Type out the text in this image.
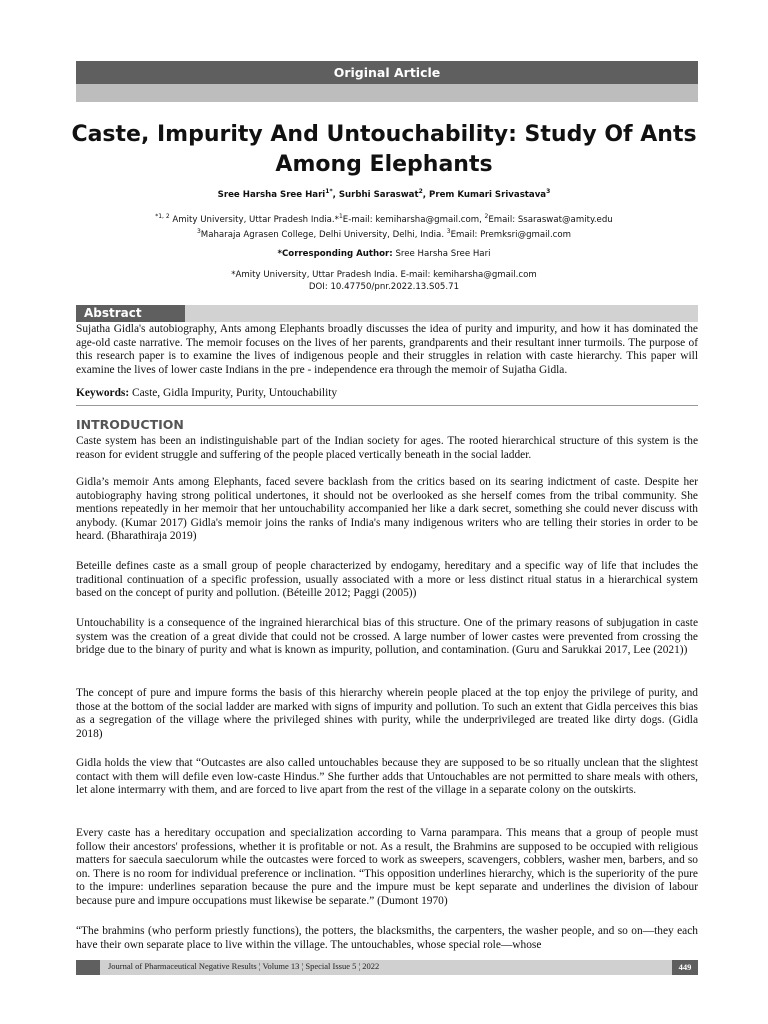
Original Article
Caste, Impurity And Untouchability: Study Of Ants
Among Elephants
Sree Harsha Sree Hari$^{1*}$, Surbhi Saraswat$^2$, Prem Kumari Srivastava$^3$
$^{*1, 2}$ Amity University, Uttar Pradesh India.*$^1$E-mail: kemiharsha@gmail.com, $^2$Email: Ssaraswat@amity.edu
$^3$Maharaja Agrasen College, Delhi University, Delhi, India. $^3$Email: Premksri@gmail.com
*Corresponding Author: Sree Harsha Sree Hari
*Amity University, Uttar Pradesh India. E-mail: kemiharsha@gmail.com
DOI: 10.47750/pnr.2022.13.S05.71
Abstract

Sujatha Gidla's autobiography, Ants among Elephants broadly discusses the idea of purity and impurity, and how it has dominated the age-old caste narrative. The memoir focuses on the lives of her parents, grandparents and their resultant inner turmoils. The purpose of this research paper is to examine the lives of indigenous people and their struggles in relation with caste hierarchy. This paper will examine the lives of lower caste Indians in the pre - independence era through the memoir of Sujatha Gidla.

Keywords: Caste, Gidla Impurity, Purity, Untouchability
INTRODUCTION

Caste system has been an indistinguishable part of the Indian society for ages. The rooted hierarchical structure of this system is the reason for evident struggle and suffering of the people placed vertically beneath in the social ladder.

Gidla’s memoir Ants among Elephants, faced severe backlash from the critics based on its searing indictment of caste. Despite her autobiography having strong political undertones, it should not be overlooked as she herself comes from the tribal community. She mentions repeatedly in her memoir that her untouchability accompanied her like a dark secret, something she could never discuss with anybody. (Kumar 2017) Gidla's memoir joins the ranks of India's many indigenous writers who are telling their stories in order to be heard. (Bharathiraja 2019)

Beteille defines caste as a small group of people characterized by endogamy, hereditary and a specific way of life that includes the traditional continuation of a specific profession, usually associated with a more or less distinct ritual status in a hierarchical system based on the concept of purity and pollution. (Béteille 2012; Paggi (2005))

Untouchability is a consequence of the ingrained hierarchical bias of this structure. One of the primary reasons of subjugation in caste system was the creation of a great divide that could not be crossed. A large number of lower castes were prevented from crossing the bridge due to the binary of purity and what is known as impurity, pollution, and contamination. (Guru and Sarukkai 2017, Lee (2021))

The concept of pure and impure forms the basis of this hierarchy wherein people placed at the top enjoy the privilege of purity, and those at the bottom of the social ladder are marked with signs of impurity and pollution. To such an extent that Gidla perceives this bias as a segregation of the village where the privileged shines with purity, while the underprivileged are treated like dirty dogs. (Gidla 2018)

Gidla holds the view that “Outcastes are also called untouchables because they are supposed to be so ritually unclean that the slightest contact with them will defile even low-caste Hindus.” She further adds that Untouchables are not permitted to share meals with others, let alone intermarry with them, and are forced to live apart from the rest of the village in a separate colony on the outskirts.

Every caste has a hereditary occupation and specialization according to Varna parampara. This means that a group of people must follow their ancestors' professions, whether it is profitable or not. As a result, the Brahmins are supposed to be occupied with religious matters for saecula saeculorum while the outcastes were forced to work as sweepers, scavengers, cobblers, washer men, barbers, and so on. There is no room for individual preference or inclination. “This opposition underlines hierarchy, which is the superiority of the pure to the impure: underlines separation because the pure and the impure must be kept separate and underlines the division of labour because pure and impure occupations must likewise be separate.” (Dumont 1970)

“The brahmins (who perform priestly functions), the potters, the blacksmiths, the carpenters, the washer people, and so on—they each have their own separate place to live within the village. The untouchables, whose special role—whose

Journal of Pharmaceutical Negative Results ¦ Volume 13 ¦ Special Issue 5 ¦ 2022	449
